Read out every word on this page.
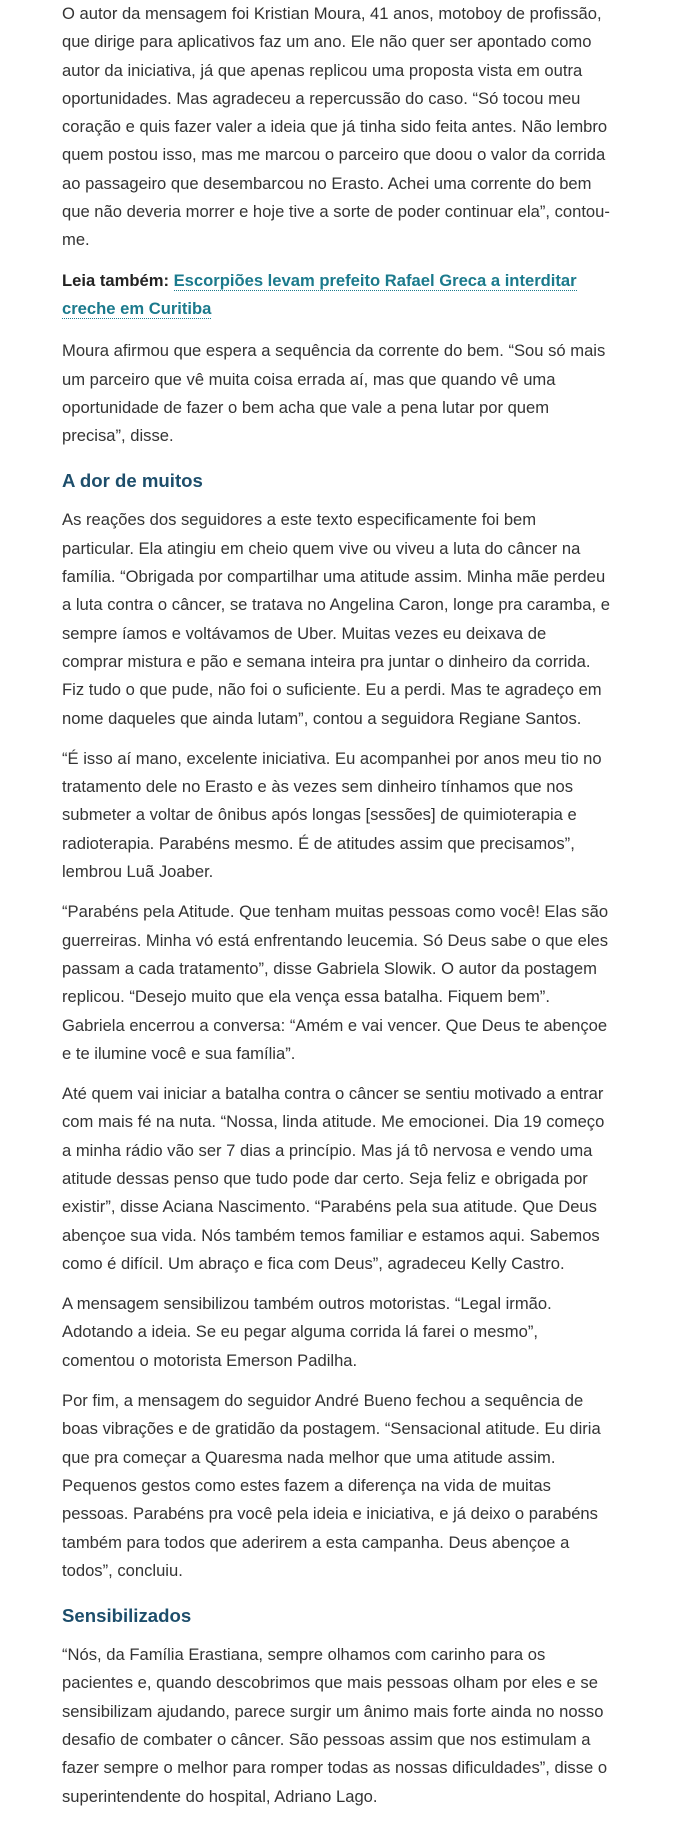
O autor da mensagem foi Kristian Moura, 41 anos, motoboy de profissão, que dirige para aplicativos faz um ano. Ele não quer ser apontado como autor da iniciativa, já que apenas replicou uma proposta vista em outra oportunidades. Mas agradeceu a repercussão do caso. “Só tocou meu coração e quis fazer valer a ideia que já tinha sido feita antes. Não lembro quem postou isso, mas me marcou o parceiro que doou o valor da corrida ao passageiro que desembarcou no Erasto. Achei uma corrente do bem que não deveria morrer e hoje tive a sorte de poder continuar ela”, contou-me.

Leia também: Escorpiões levam prefeito Rafael Greca a interditar creche em Curitiba

Moura afirmou que espera a sequência da corrente do bem. “Sou só mais um parceiro que vê muita coisa errada aí, mas que quando vê uma oportunidade de fazer o bem acha que vale a pena lutar por quem precisa”, disse.

A dor de muitos

As reações dos seguidores a este texto especificamente foi bem particular. Ela atingiu em cheio quem vive ou viveu a luta do câncer na família. “Obrigada por compartilhar uma atitude assim. Minha mãe perdeu a luta contra o câncer, se tratava no Angelina Caron, longe pra caramba, e sempre íamos e voltávamos de Uber. Muitas vezes eu deixava de comprar mistura e pão e semana inteira pra juntar o dinheiro da corrida. Fiz tudo o que pude, não foi o suficiente. Eu a perdi. Mas te agradeço em nome daqueles que ainda lutam”, contou a seguidora Regiane Santos.

“É isso aí mano, excelente iniciativa. Eu acompanhei por anos meu tio no tratamento dele no Erasto e às vezes sem dinheiro tínhamos que nos submeter a voltar de ônibus após longas [sessões] de quimioterapia e radioterapia. Parabéns mesmo. É de atitudes assim que precisamos”, lembrou Luã Joaber.

“Parabéns pela Atitude. Que tenham muitas pessoas como você! Elas são guerreiras. Minha vó está enfrentando leucemia. Só Deus sabe o que eles passam a cada tratamento”, disse Gabriela Slowik. O autor da postagem replicou. “Desejo muito que ela vença essa batalha. Fiquem bem”. Gabriela encerrou a conversa: “Amém e vai vencer. Que Deus te abençoe e te ilumine você e sua família”.

Até quem vai iniciar a batalha contra o câncer se sentiu motivado a entrar com mais fé na nuta. “Nossa, linda atitude. Me emocionei. Dia 19 começo a minha rádio vão ser 7 dias a princípio. Mas já tô nervosa e vendo uma atitude dessas penso que tudo pode dar certo. Seja feliz e obrigada por existir”, disse Aciana Nascimento. “Parabéns pela sua atitude. Que Deus abençoe sua vida. Nós também temos familiar e estamos aqui. Sabemos como é difícil. Um abraço e fica com Deus”, agradeceu Kelly Castro.

A mensagem sensibilizou também outros motoristas. “Legal irmão. Adotando a ideia. Se eu pegar alguma corrida lá farei o mesmo”, comentou o motorista Emerson Padilha.

Por fim, a mensagem do seguidor André Bueno fechou a sequência de boas vibrações e de gratidão da postagem. “Sensacional atitude. Eu diria que pra começar a Quaresma nada melhor que uma atitude assim. Pequenos gestos como estes fazem a diferença na vida de muitas pessoas. Parabéns pra você pela ideia e iniciativa, e já deixo o parabéns também para todos que aderirem a esta campanha. Deus abençoe a todos”, concluiu.

Sensibilizados

“Nós, da Família Erastiana, sempre olhamos com carinho para os pacientes e, quando descobrimos que mais pessoas olham por eles e se sensibilizam ajudando, parece surgir um ânimo mais forte ainda no nosso desafio de combater o câncer. São pessoas assim que nos estimulam a fazer sempre o melhor para romper todas as nossas dificuldades”, disse o superintendente do hospital, Adriano Lago.
